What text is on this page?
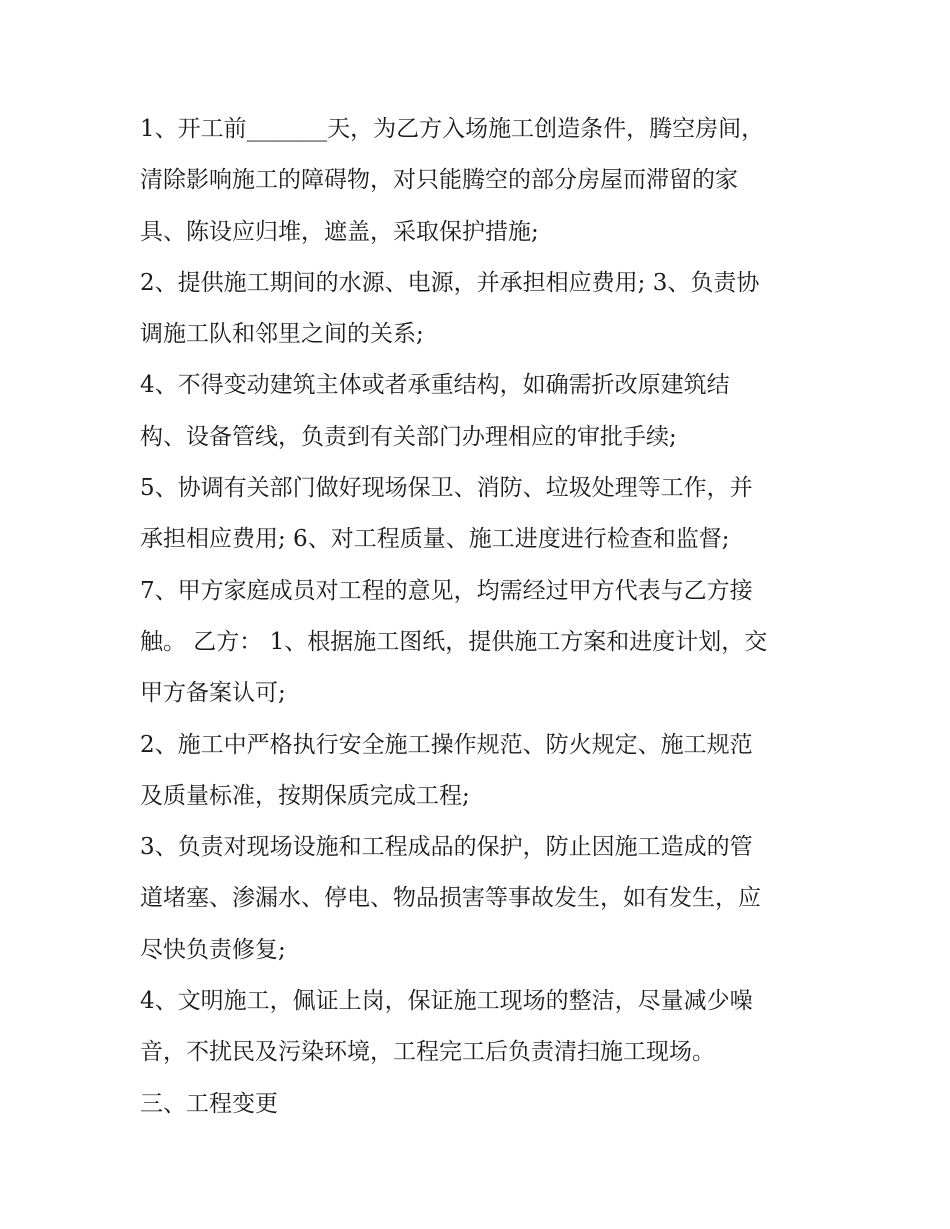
1、开工前_______天，为乙方入场施工创造条件，腾空房间，
清除影响施工的障碍物，对只能腾空的部分房屋而滞留的家
具、陈设应归堆，遮盖，采取保护措施;
2、提供施工期间的水源、电源，并承担相应费用; 3、负责协
调施工队和邻里之间的关系;
4、不得变动建筑主体或者承重结构，如确需折改原建筑结
构、设备管线，负责到有关部门办理相应的审批手续;
5、协调有关部门做好现场保卫、消防、垃圾处理等工作，并
承担相应费用; 6、对工程质量、施工进度进行检查和监督;
7、甲方家庭成员对工程的意见，均需经过甲方代表与乙方接
触。 乙方： 1、根据施工图纸，提供施工方案和进度计划，交
甲方备案认可;
2、施工中严格执行安全施工操作规范、防火规定、施工规范
及质量标准，按期保质完成工程;
3、负责对现场设施和工程成品的保护，防止因施工造成的管
道堵塞、渗漏水、停电、物品损害等事故发生，如有发生，应
尽快负责修复;
4、文明施工，佩证上岗，保证施工现场的整洁，尽量减少噪
音，不扰民及污染环境，工程完工后负责清扫施工现场。
三、工程变更
